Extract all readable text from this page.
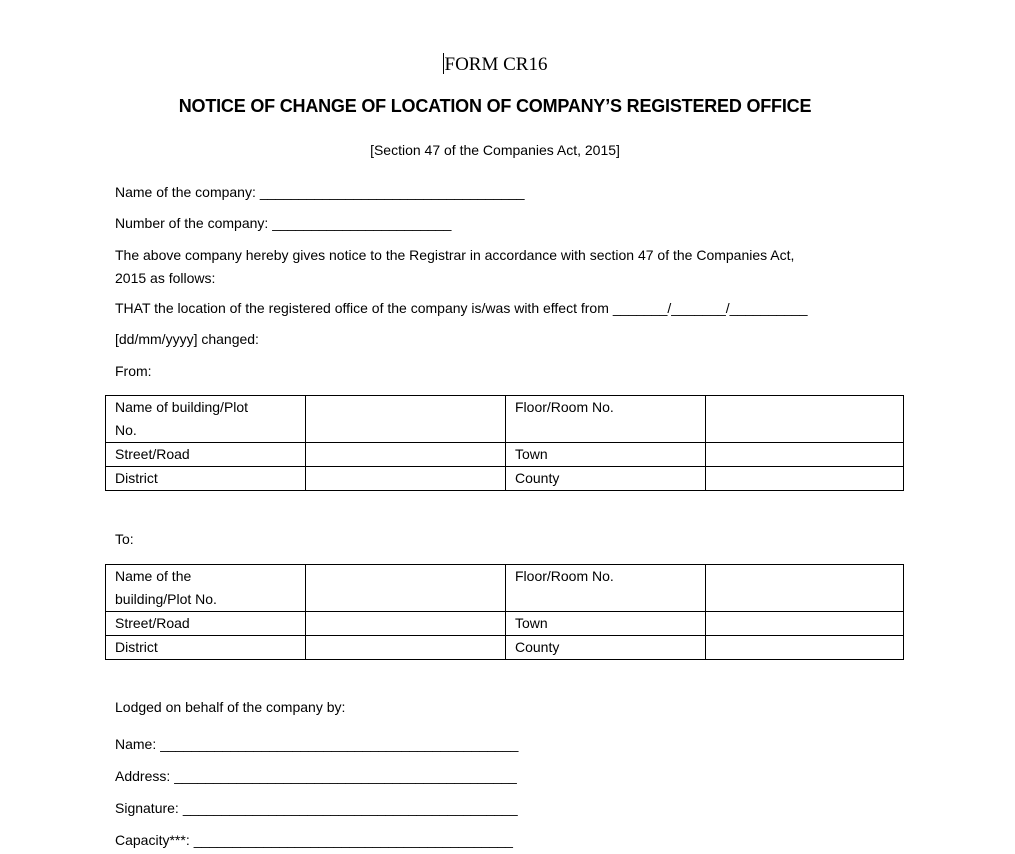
FORM CR16
NOTICE OF CHANGE OF LOCATION OF COMPANY’S REGISTERED OFFICE
[Section 47 of the Companies Act, 2015]
Name of the company: __________________________________
Number of the company: _______________________
The above company hereby gives notice to the Registrar in accordance with section 47 of the Companies Act,
2015 as follows:
THAT the location of the registered office of the company is/was with effect from _______/_______/__________
[dd/mm/yyyy] changed:
From:
Name of building/Plot
No.		Floor/Room No.	

Street/Road		Town	

District		County	

To:
Name of the
building/Plot No.		Floor/Room No.	

Street/Road		Town	

District		County	

Lodged on behalf of the company by:
Name: ______________________________________________
Address: ____________________________________________
Signature: ___________________________________________
Capacity***: _________________________________________
